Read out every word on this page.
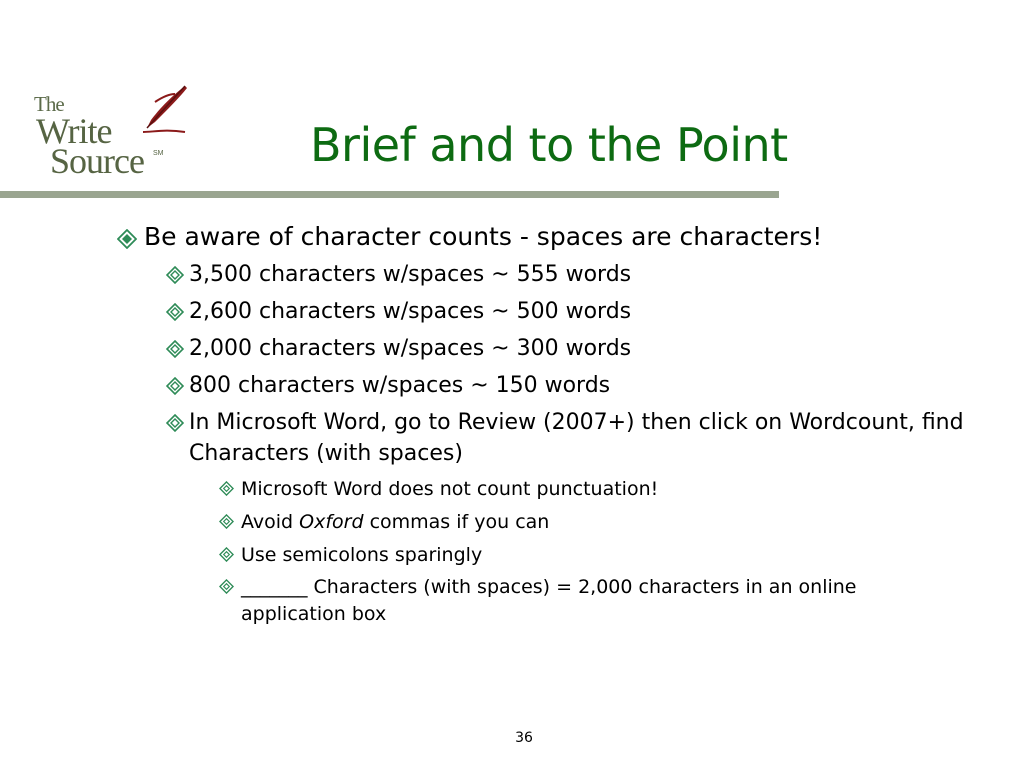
The
Write
Source SM	Brief and to the Point
Be aware of character counts - spaces are characters!
3,500 characters w/spaces ~ 555 words
2,600 characters w/spaces ~ 500 words
2,000 characters w/spaces ~ 300 words
800 characters w/spaces ~ 150 words
In Microsoft Word, go to Review (2007+) then click on Wordcount, find
Characters (with spaces)
Microsoft Word does not count punctuation!
Avoid Oxford commas if you can
Use semicolons sparingly
_______ Characters (with spaces) = 2,000 characters in an online
application box
36
